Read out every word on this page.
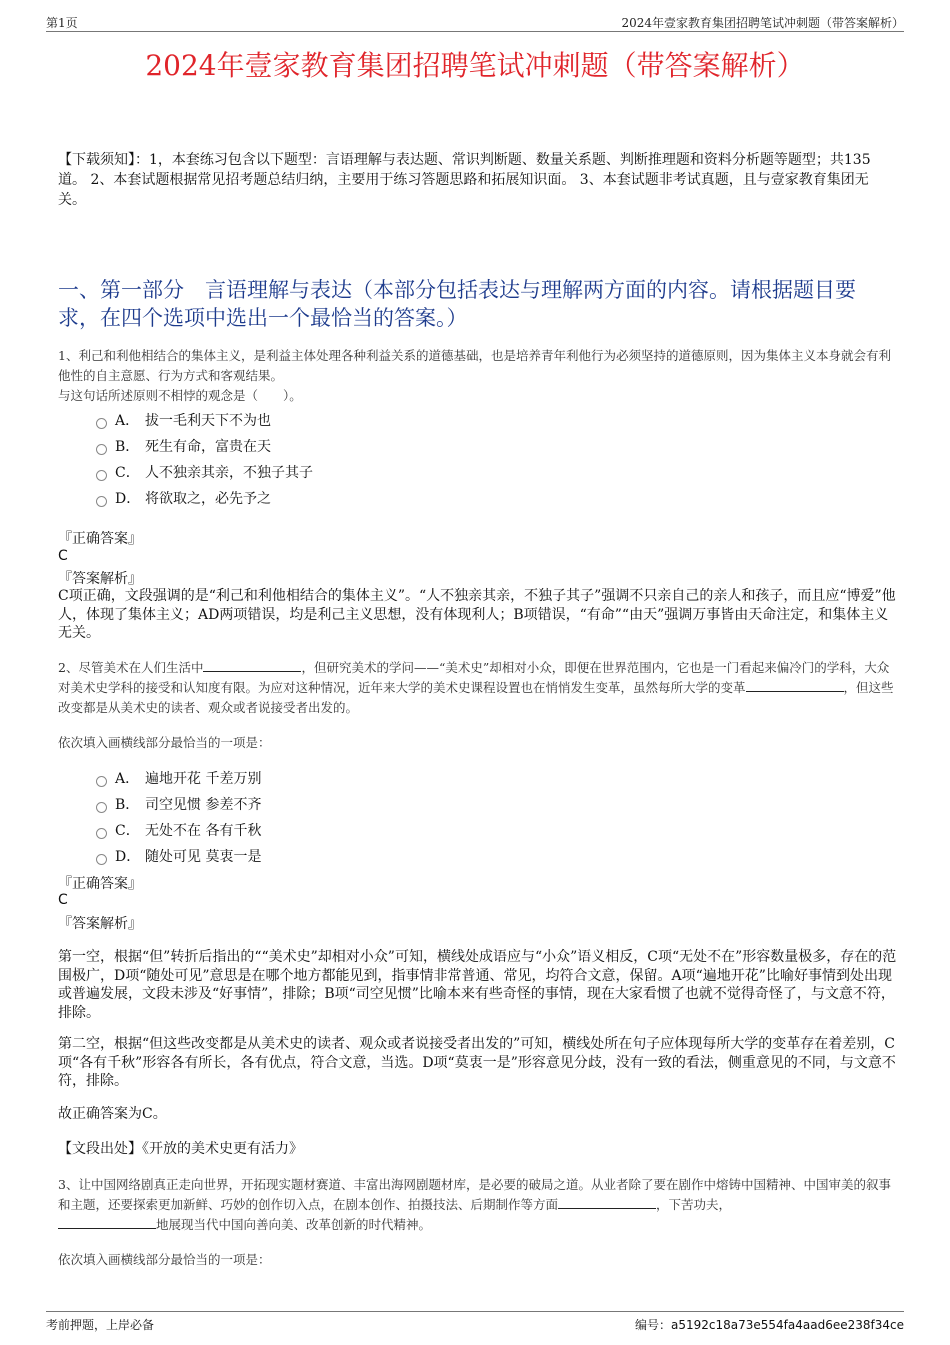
第1页	2024年壹家教育集团招聘笔试冲刺题（带答案解析）
2024年壹家教育集团招聘笔试冲刺题（带答案解析）
【下载须知】：1，本套练习包含以下题型：言语理解与表达题、常识判断题、数量关系题、判断推理题和资料分析题等题型；共135道。 2、本套试题根据常见招考题总结归纳，主要用于练习答题思路和拓展知识面。 3、本套试题非考试真题，且与壹家教育集团无关。
一、第一部分　言语理解与表达（本部分包括表达与理解两方面的内容。请根据题目要求，在四个选项中选出一个最恰当的答案。）
1、利己和利他相结合的集体主义，是利益主体处理各种利益关系的道德基础，也是培养青年利他行为必须坚持的道德原则，因为集体主义本身就会有利他性的自主意愿、行为方式和客观结果。
与这句话所述原则不相悖的观念是（　　）。
A． 拔一毛利天下不为也
B． 死生有命，富贵在天
C． 人不独亲其亲，不独子其子
D． 将欲取之，必先予之
『正确答案』
C
『答案解析』
C项正确，文段强调的是“利己和利他相结合的集体主义”。“人不独亲其亲，不独子其子”强调不只亲自己的亲人和孩子，而且应“博爱”他人，体现了集体主义；AD两项错误，均是利己主义思想，没有体现利人；B项错误，“有命”“由天”强调万事皆由天命注定，和集体主义无关。
2、尽管美术在人们生活中	，但研究美术的学问——“美术史”却相对小众，即便在世界范围内，它也是一门看起来偏冷门的学科，大众对美术史学科的接受和认知度有限。为应对这种情况，近年来大学的美术史课程设置也在悄悄发生变革，虽然每所大学的变革	，但这些改变都是从美术史的读者、观众或者说接受者出发的。
依次填入画横线部分最恰当的一项是：
A． 遍地开花 千差万别
B． 司空见惯 参差不齐
C． 无处不在 各有千秋
D． 随处可见 莫衷一是
『正确答案』
C
『答案解析』
第一空，根据“但”转折后指出的““美术史”却相对小众”可知，横线处成语应与“小众”语义相反，C项“无处不在”形容数量极多，存在的范围极广，D项“随处可见”意思是在哪个地方都能见到，指事情非常普通、常见，均符合文意，保留。A项“遍地开花”比喻好事情到处出现或普遍发展，文段未涉及“好事情”，排除；B项“司空见惯”比喻本来有些奇怪的事情，现在大家看惯了也就不觉得奇怪了，与文意不符，排除。
第二空，根据“但这些改变都是从美术史的读者、观众或者说接受者出发的”可知，横线处所在句子应体现每所大学的变革存在着差别，C项“各有千秋”形容各有所长，各有优点，符合文意，当选。D项“莫衷一是”形容意见分歧，没有一致的看法，侧重意见的不同，与文意不符，排除。
故正确答案为C。
【文段出处】《开放的美术史更有活力》
3、让中国网络剧真正走向世界，开拓现实题材赛道、丰富出海网剧题材库，是必要的破局之道。从业者除了要在剧作中熔铸中国精神、中国审美的叙事和主题，还要探索更加新鲜、巧妙的创作切入点，在剧本创作、拍摄技法、后期制作等方面	，下苦功夫，
地展现当代中国向善向美、改革创新的时代精神。
依次填入画横线部分最恰当的一项是：
考前押题，上岸必备	编号：a5192c18a73e554fa4aad6ee238f34ce
